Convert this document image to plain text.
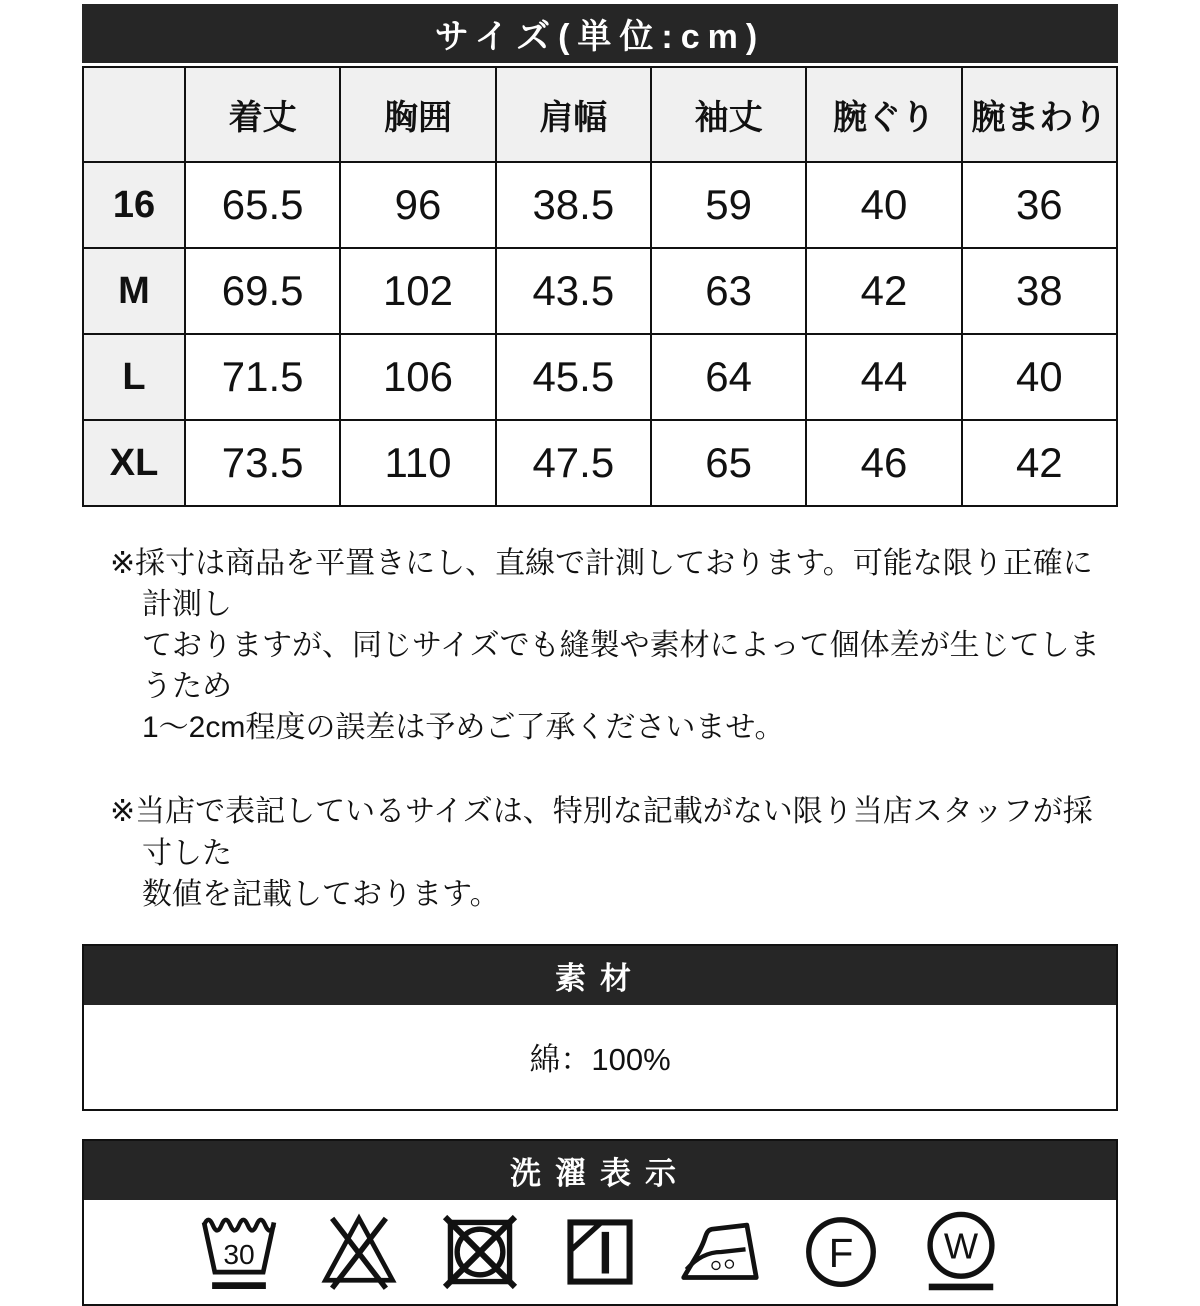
サイズ(単位:cm)
	着丈	胸囲	肩幅	袖丈	腕ぐり	腕まわり
16	65.5	96	38.5	59	40	36
M	69.5	102	43.5	63	42	38
L	71.5	106	45.5	64	44	40
XL	73.5	110	47.5	65	46	42

※採寸は商品を平置きにし、直線で計測しております。可能な限り正確に計測し
ておりますが、同じサイズでも縫製や素材によって個体差が生じてしまうため
1〜2cm程度の誤差は予めご了承くださいませ。

※当店で表記しているサイズは、特別な記載がない限り当店スタッフが採寸した
数値を記載しております。

素材
綿：100%
洗濯表示
30	F	W
